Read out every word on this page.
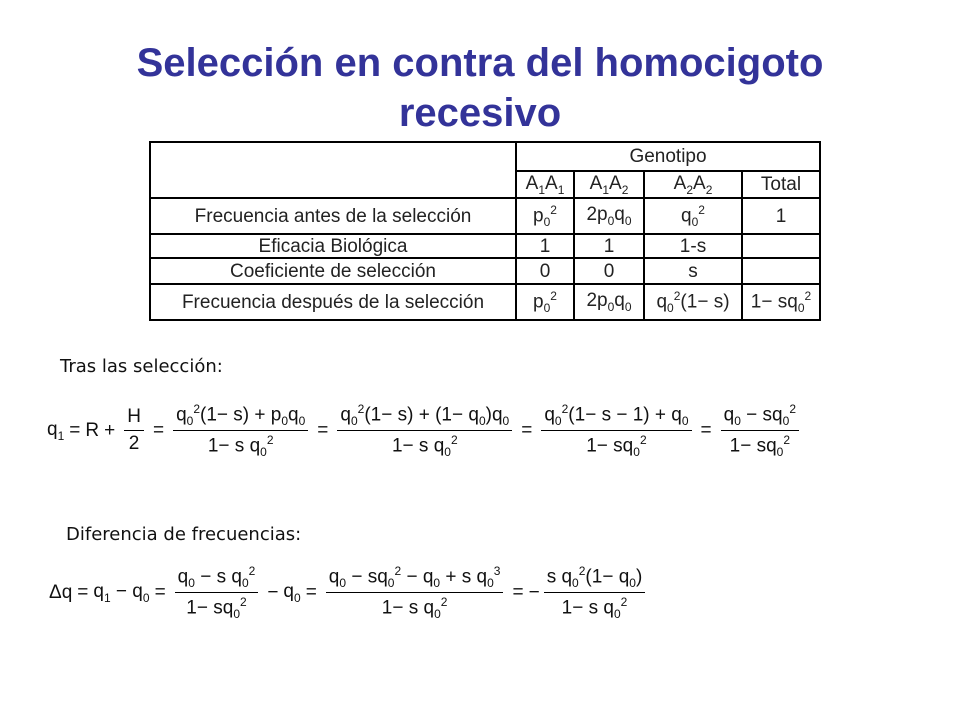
Selección en contra del homocigoto
recesivo
	Genotipo			
	$A_1A_1$	$A_1A_2$	$A_2A_2$	Total
Frecuencia antes de la selección	$p_0^2$	$2p_0q_0$	$q_0^2$	1
Eficacia Biológica	1	1	1-s	
Coeficiente de selección	0	0	s	
Frecuencia después de la selección	$p_0^2$	$2p_0q_0$	$q_0^2(1- s)$	$1- sq_0^2$
Tras las selección:
$q_1 = R + \frac{H}{2} = \frac{q_0^2(1- s) + p_0q_0}{1- s q_0^2} = \frac{q_0^2(1- s) + (1- q_0)q_0}{1- s q_0^2} = \frac{q_0^2(1- s - 1) + q_0}{1- sq_0^2} = \frac{q_0 - sq_0^2}{1- sq_0^2}$
Diferencia de frecuencias:
$\Delta q = q_1 - q_0 = \frac{q_0 - s q_0^2}{1- sq_0^2} - q_0 = \frac{q_0 - sq_0^2 - q_0 + s q_0^3}{1- s q_0^2}$ = − $\frac{s q_0^2(1- q_0)}{1- s q_0^2}$
